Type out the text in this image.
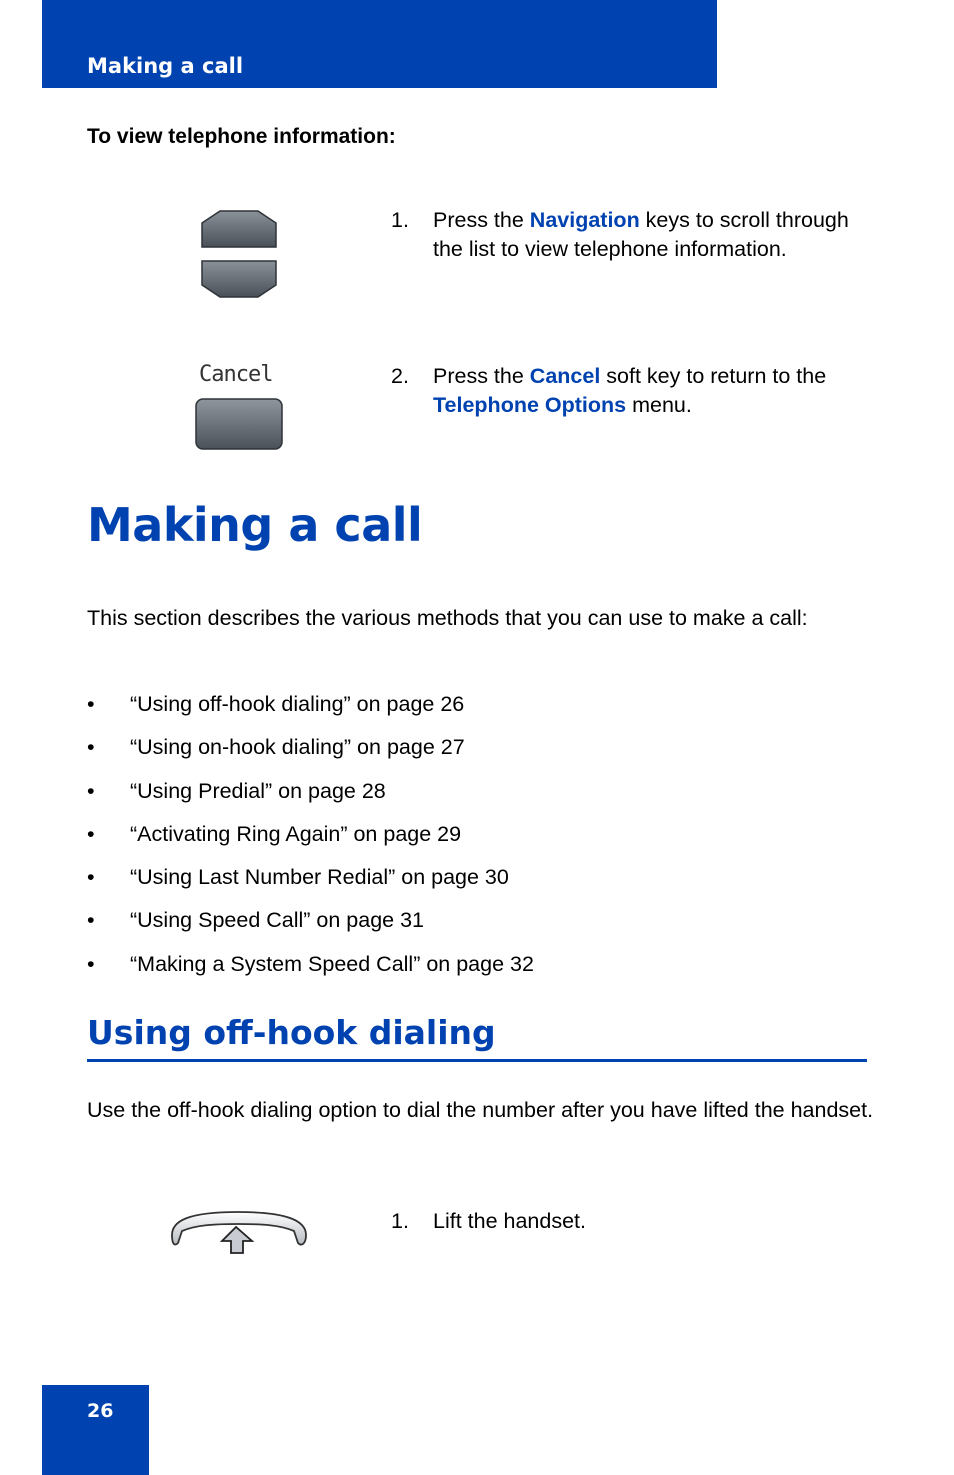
Making a call
To view telephone information:
1. Press the Navigation keys to scroll through the list to view telephone information.
Cancel	2. Press the Cancel soft key to return to the Telephone Options menu.
Making a call
This section describes the various methods that you can use to make a call:
• “Using off-hook dialing” on page 26
• “Using on-hook dialing” on page 27
• “Using Predial” on page 28
• “Activating Ring Again” on page 29
• “Using Last Number Redial” on page 30
• “Using Speed Call” on page 31
• “Making a System Speed Call” on page 32
Using off-hook dialing
Use the off-hook dialing option to dial the number after you have lifted the handset.
1. Lift the handset.
26
